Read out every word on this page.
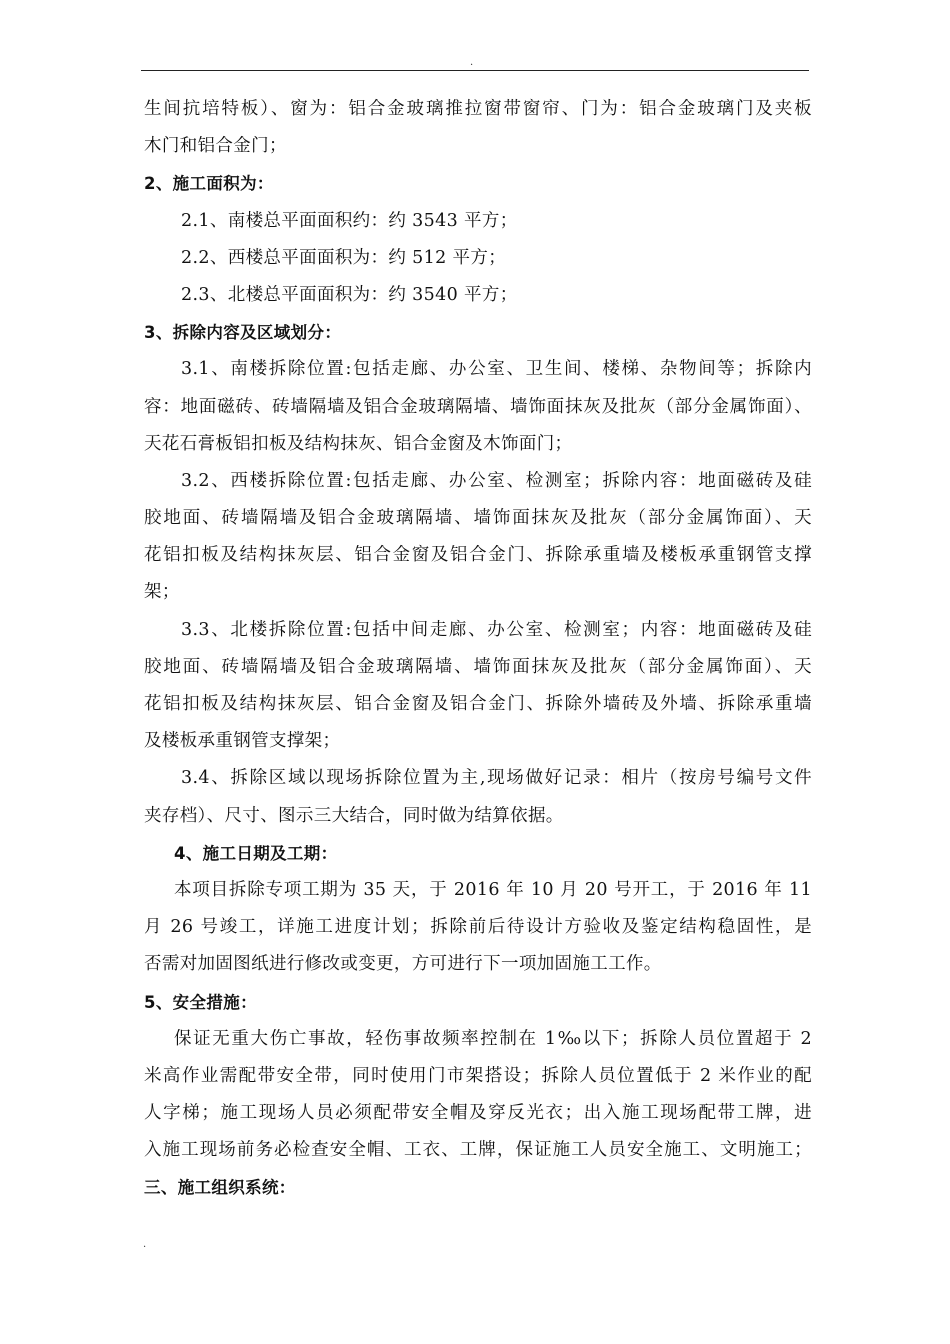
.
生间抗培特板）、窗为：铝合金玻璃推拉窗带窗帘、门为：铝合金玻璃门及夹板
木门和铝合金门；
2、施工面积为：
2.1、南楼总平面面积约：约 3543 平方；
2.2、西楼总平面面积为：约 512 平方；
2.3、北楼总平面面积为：约 3540 平方；
3、拆除内容及区域划分：
3.1、南楼拆除位置:包括走廊、办公室、卫生间、楼梯、杂物间等；拆除内
容：地面磁砖、砖墙隔墙及铝合金玻璃隔墙、墙饰面抹灰及批灰（部分金属饰面）、
天花石膏板铝扣板及结构抹灰、铝合金窗及木饰面门；
3.2、西楼拆除位置:包括走廊、办公室、检测室；拆除内容：地面磁砖及硅
胶地面、砖墙隔墙及铝合金玻璃隔墙、墙饰面抹灰及批灰（部分金属饰面）、天
花铝扣板及结构抹灰层、铝合金窗及铝合金门、拆除承重墙及楼板承重钢管支撑
架；
3.3、北楼拆除位置:包括中间走廊、办公室、检测室；内容：地面磁砖及硅
胶地面、砖墙隔墙及铝合金玻璃隔墙、墙饰面抹灰及批灰（部分金属饰面）、天
花铝扣板及结构抹灰层、铝合金窗及铝合金门、拆除外墙砖及外墙、拆除承重墙
及楼板承重钢管支撑架；
3.4、拆除区域以现场拆除位置为主,现场做好记录：相片（按房号编号文件
夹存档）、尺寸、图示三大结合，同时做为结算依据。
4、施工日期及工期：
本项目拆除专项工期为 35 天，于 2016 年 10 月 20 号开工，于 2016 年 11
月 26 号竣工，详施工进度计划；拆除前后待设计方验收及鉴定结构稳固性，是
否需对加固图纸进行修改或变更，方可进行下一项加固施工工作。
5、安全措施：
保证无重大伤亡事故，轻伤事故频率控制在 1‰以下；拆除人员位置超于 2
米高作业需配带安全带，同时使用门市架搭设；拆除人员位置低于 2 米作业的配
人字梯；施工现场人员必须配带安全帽及穿反光衣；出入施工现场配带工牌，进
入施工现场前务必检查安全帽、工衣、工牌，保证施工人员安全施工、文明施工；
三、施工组织系统：
.
